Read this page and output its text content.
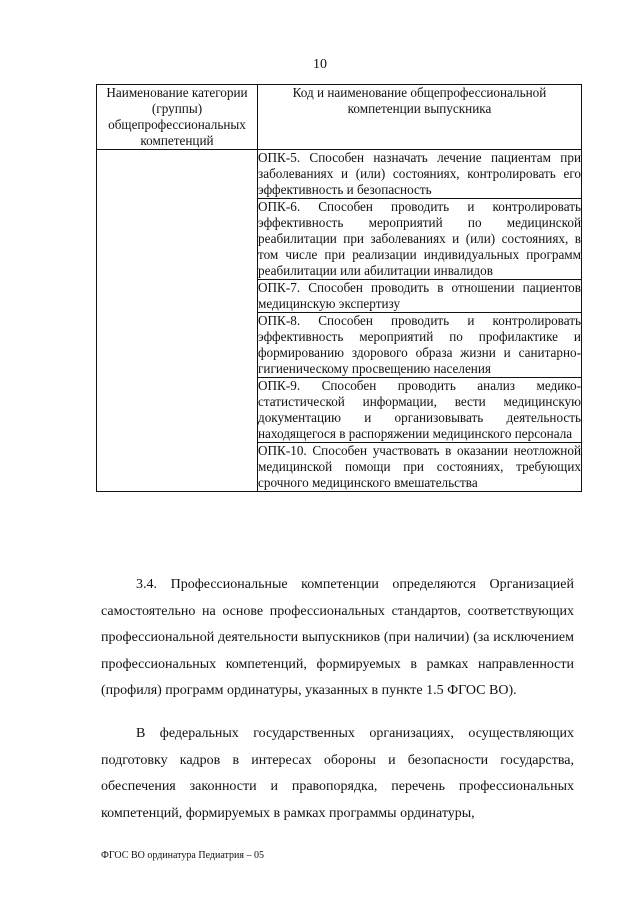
10
Наименование категории (группы) общепрофессиональных компетенций	Код и наименование общепрофессиональной компетенции выпускника

	ОПК-5. Способен назначать лечение пациентам при заболеваниях и (или) состояниях, контролировать его эффективность и безопасность

	ОПК-6. Способен проводить и контролировать эффективность мероприятий по медицинской реабилитации при заболеваниях и (или) состояниях, в том числе при реализации индивидуальных программ реабилитации или абилитации инвалидов

	ОПК-7. Способен проводить в отношении пациентов медицинскую экспертизу

	ОПК-8. Способен проводить и контролировать эффективность мероприятий по профилактике и формированию здорового образа жизни и санитарно-гигиеническому просвещению населения

	ОПК-9. Способен проводить анализ медико-статистической информации, вести медицинскую документацию и организовывать деятельность находящегося в распоряжении медицинского персонала

	ОПК-10. Способен участвовать в оказании неотложной медицинской помощи при состояниях, требующих срочного медицинского вмешательства

3.4. Профессиональные компетенции определяются Организацией самостоятельно на основе профессиональных стандартов, соответствующих профессиональной деятельности выпускников (при наличии) (за исключением профессиональных компетенций, формируемых в рамках направленности (профиля) программ ординатуры, указанных в пункте 1.5 ФГОС ВО).

В федеральных государственных организациях, осуществляющих подготовку кадров в интересах обороны и безопасности государства, обеспечения законности и правопорядка, перечень профессиональных компетенций, формируемых в рамках программы ординатуры,

ФГОС ВО ординатура Педиатрия – 05
